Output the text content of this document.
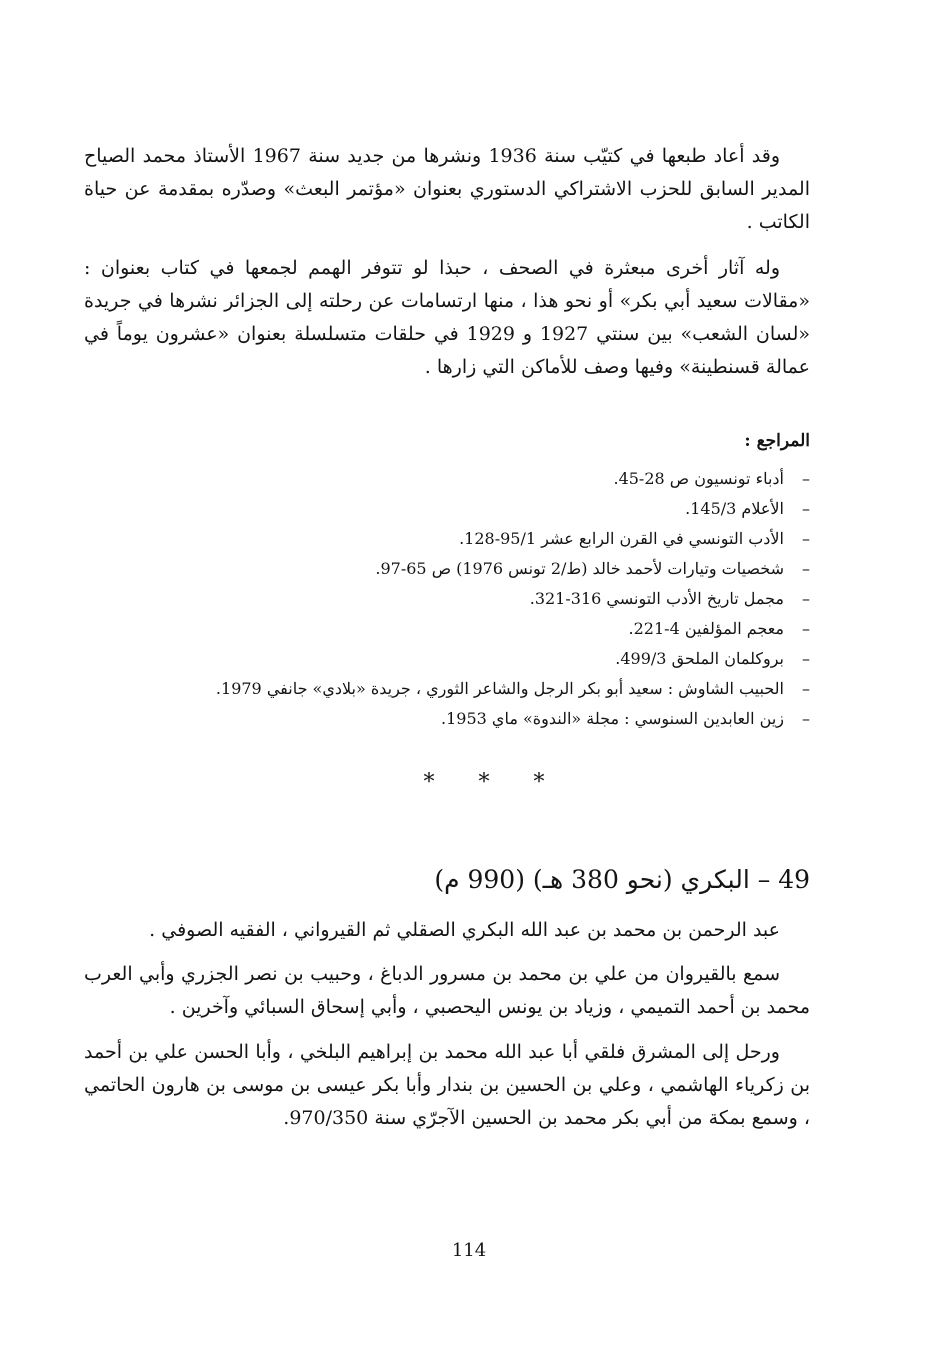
وقد أعاد طبعها في كتيّب سنة 1936 ونشرها من جديد سنة 1967 الأستاذ محمد الصياح المدير السابق للحزب الاشتراكي الدستوري بعنوان «مؤتمر البعث» وصدّره بمقدمة عن حياة الكاتب .

وله آثار أخرى مبعثرة في الصحف ، حبذا لو تتوفر الهمم لجمعها في كتاب بعنوان : «مقالات سعيد أبي بكر» أو نحو هذا ، منها ارتسامات عن رحلته إلى الجزائر نشرها في جريدة «لسان الشعب» بين سنتي 1927 و 1929 في حلقات متسلسلة بعنوان «عشرون يوماً في عمالة قسنطينة» وفيها وصف للأماكن التي زارها .

المراجع :
–أدباء تونسيون ص 28-45.
–الأعلام 145/3.
–الأدب التونسي في القرن الرابع عشر 95/1-128.
–شخصيات وتيارات لأحمد خالد (ط/2 تونس 1976) ص 65-97.
–مجمل تاريخ الأدب التونسي 316-321.
–معجم المؤلفين 4-221.
–بروكلمان الملحق 499/3.
–الحبيب الشاوش : سعيد أبو بكر الرجل والشاعر الثوري ، جريدة «بلادي» جانفي 1979.
–زين العابدين السنوسي : مجلة «الندوة» ماي 1953.
* * *
49 – البكري (نحو 380 هـ) (990 م)

عبد الرحمن بن محمد بن عبد الله البكري الصقلي ثم القيرواني ، الفقيه الصوفي .

سمع بالقيروان من علي بن محمد بن مسرور الدباغ ، وحبيب بن نصر الجزري وأبي العرب محمد بن أحمد التميمي ، وزياد بن يونس اليحصبي ، وأبي إسحاق السبائي وآخرين .

ورحل إلى المشرق فلقي أبا عبد الله محمد بن إبراهيم البلخي ، وأبا الحسن علي بن أحمد بن زكرياء الهاشمي ، وعلي بن الحسين بن بندار وأبا بكر عيسى بن موسى بن هارون الحاتمي ، وسمع بمكة من أبي بكر محمد بن الحسين الآجرّي سنة 970/350.

114
